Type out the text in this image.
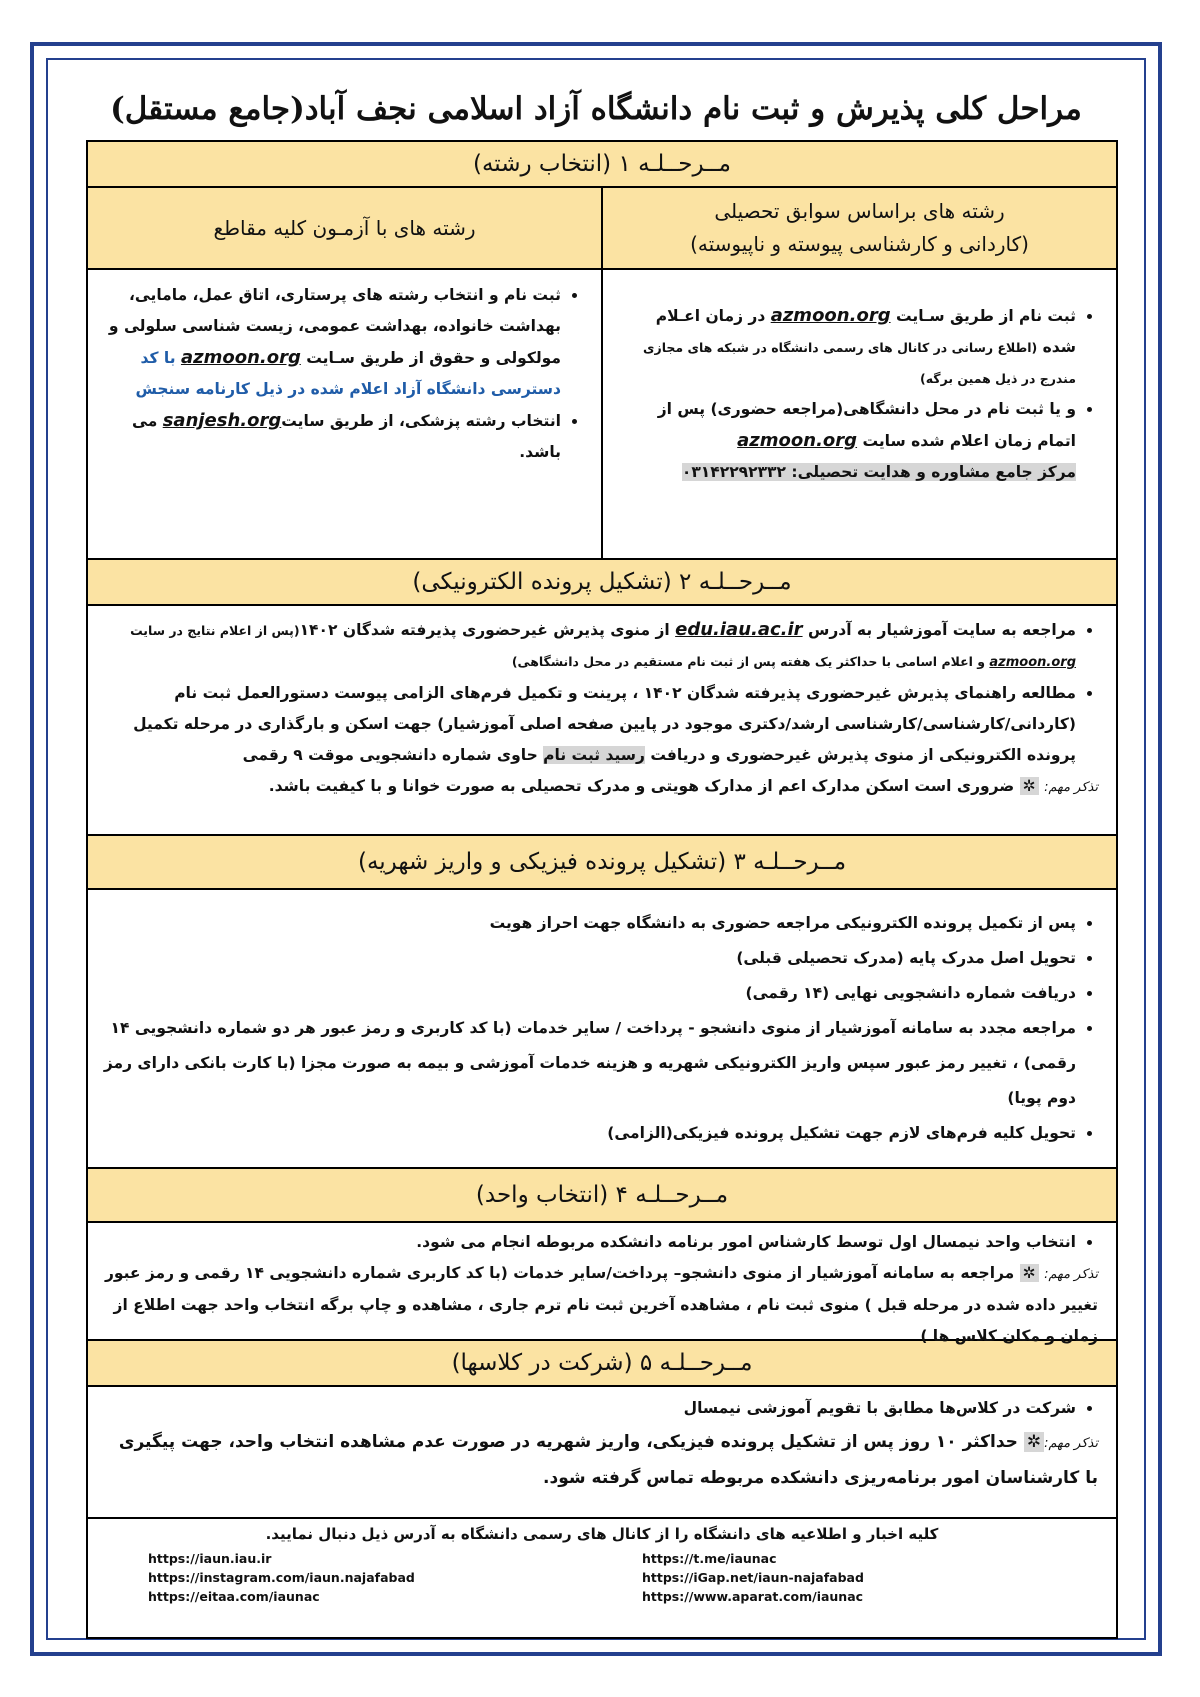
مراحل کلی پذیرش و ثبت نام دانشگاه آزاد اسلامی نجف آباد(جامع مستقل)
مــرحــلـه ۱ (انتخاب رشته)
رشته های براساس سوابق تحصیلی
(کاردانی و کارشناسی پیوسته و ناپیوسته)
• ثبت نام از طریق سـایت azmoon.org در زمان اعـلام شده (اطلاع رسانی در کانال های رسمی دانشگاه در شبکه های مجازی مندرج در ذیل همین برگه)
• و یا ثبت نام در محل دانشگاهی(مراجعه حضوری) پس از اتمام زمان اعلام شده سایت azmoon.org
مرکز جامع مشاوره و هدایت تحصیلی: ۰۳۱۴۲۲۹۲۳۳۲
رشته های با آزمـون کلیه مقاطع
• ثبت نام و انتخاب رشته های پرستاری، اتاق عمل، مامایی، بهداشت خانواده، بهداشت عمومی، زیست شناسی سلولی و مولکولی و حقوق از طریق سـایت azmoon.org با کد دسترسی دانشگاه آزاد اعلام شده در ذیل کارنامه سنجش
• انتخاب رشته پزشکی، از طریق سایتsanjesh.org می باشد.
مــرحــلـه ۲ (تشکیل پرونده الکترونیکی)
• مراجعه به سایت آموزشیار به آدرس edu.iau.ac.ir از منوی پذیرش غیرحضوری پذیرفته شدگان ۱۴۰۲(پس از اعلام نتایج در سایت azmoon.org و اعلام اسامی با حداکثر یک هفته پس از ثبت نام مستقیم در محل دانشگاهی)
• مطالعه راهنمای پذیرش غیرحضوری پذیرفته شدگان ۱۴۰۲ ، پرینت و تکمیل فرم‌های الزامی پیوست دستورالعمل ثبت نام (کاردانی/کارشناسی/کارشناسی ارشد/دکتری موجود در پایین صفحه اصلی آموزشیار) جهت اسکن و بارگذاری در مرحله تکمیل پرونده الکترونیکی از منوی پذیرش غیرحضوری و دریافت رسید ثبت نام حاوی شماره دانشجویی موقت ۹ رقمی
تذکر مهم: ✲ ضروری است اسکن مدارک اعم از مدارک هویتی و مدرک تحصیلی به صورت خوانا و با کیفیت باشد.
مــرحــلـه ۳ (تشکیل پرونده فیزیکی و واریز شهریه)
• پس از تکمیل پرونده الکترونیکی مراجعه حضوری به دانشگاه جهت احراز هویت
• تحویل اصل مدرک پایه (مدرک تحصیلی قبلی)
• دریافت شماره دانشجویی نهایی (۱۴ رقمی)
• مراجعه مجدد به سامانه آموزشیار از منوی دانشجو - پرداخت / سایر خدمات (با کد کاربری و رمز عبور هر دو شماره دانشجویی ۱۴ رقمی) ، تغییر رمز عبور سپس واریز الکترونیکی شهریه و هزینه خدمات آموزشی و بیمه به صورت مجزا (با کارت بانکی دارای رمز دوم پویا)
• تحویل کلیه فرم‌های لازم جهت تشکیل پرونده فیزیکی(الزامی)
مــرحــلـه ۴ (انتخاب واحد)
• انتخاب واحد نیمسال اول توسط کارشناس امور برنامه دانشکده مربوطه انجام می شود.
تذکر مهم: ✲ مراجعه به سامانه آموزشیار از منوی دانشجو– پرداخت/سایر خدمات (با کد کاربری شماره دانشجویی ۱۴ رقمی و رمز عبور تغییر داده شده در مرحله قبل ) منوی ثبت نام ، مشاهده آخرین ثبت نام ترم جاری ، مشاهده و چاپ برگه انتخاب واحد جهت اطلاع از زمان و مکان کلاس ها )
مــرحــلـه ۵ (شرکت در کلاسها)
• شرکت در کلاس‌ها مطابق با تقویم آموزشی نیمسال
تذکر مهم:✲ حداکثر ۱۰ روز پس از تشکیل پرونده فیزیکی، واریز شهریه در صورت عدم مشاهده انتخاب واحد، جهت پیگیری با کارشناسان امور برنامه‌ریزی دانشکده مربوطه تماس گرفته شود.
کلیه اخبار و اطلاعیه های دانشگاه را از کانال های رسمی دانشگاه به آدرس ذیل دنبال نمایید.
https://iaun.iau.ir
https://instagram.com/iaun.najafabad
https://eitaa.com/iaunac
https://t.me/iaunac
https://iGap.net/iaun-najafabad
https://www.aparat.com/iaunac
